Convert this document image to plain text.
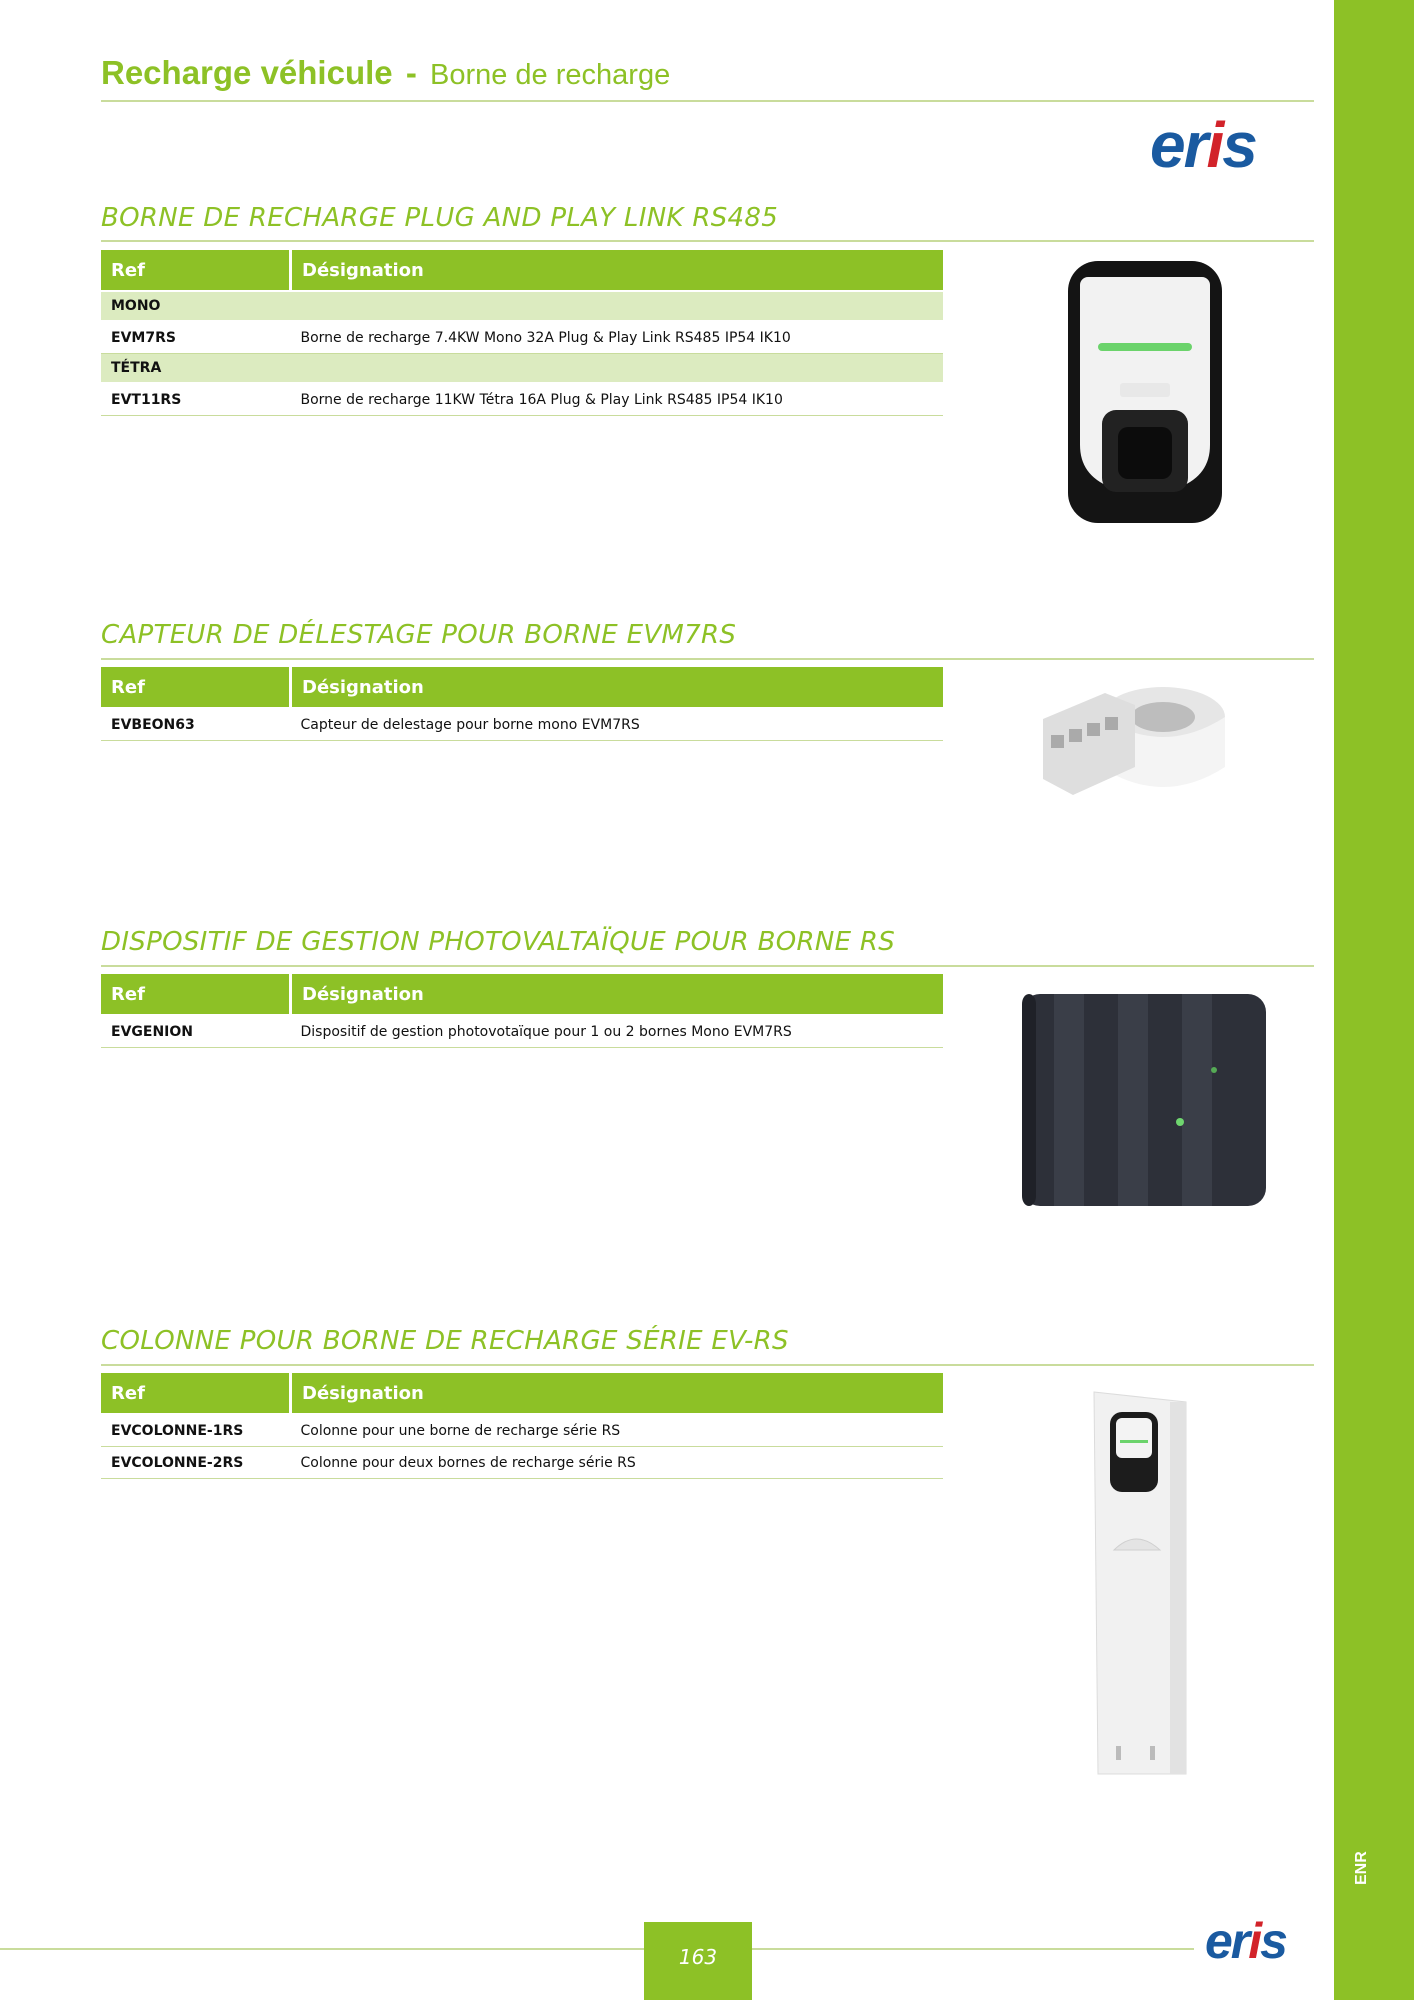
ENR
Recharge véhicule - Borne de recharge
eris
BORNE DE RECHARGE PLUG AND PLAY LINK RS485
Ref	Désignation
MONO	
EVM7RS	Borne de recharge 7.4KW Mono 32A Plug & Play Link RS485 IP54 IK10
TÉTRA	
EVT11RS	Borne de recharge 11KW Tétra 16A Plug & Play Link RS485 IP54 IK10
CAPTEUR DE DÉLESTAGE POUR BORNE EVM7RS
Ref	Désignation
EVBEON63	Capteur de delestage pour borne mono EVM7RS
DISPOSITIF DE GESTION PHOTOVALTAÏQUE POUR BORNE RS
Ref	Désignation
EVGENION	Dispositif de gestion photovotaïque pour 1 ou 2 bornes Mono EVM7RS
COLONNE POUR BORNE DE RECHARGE SÉRIE EV-RS
Ref	Désignation
EVCOLONNE-1RS	Colonne pour une borne de recharge série RS
EVCOLONNE-2RS	Colonne pour deux bornes de recharge série RS
163	eris
